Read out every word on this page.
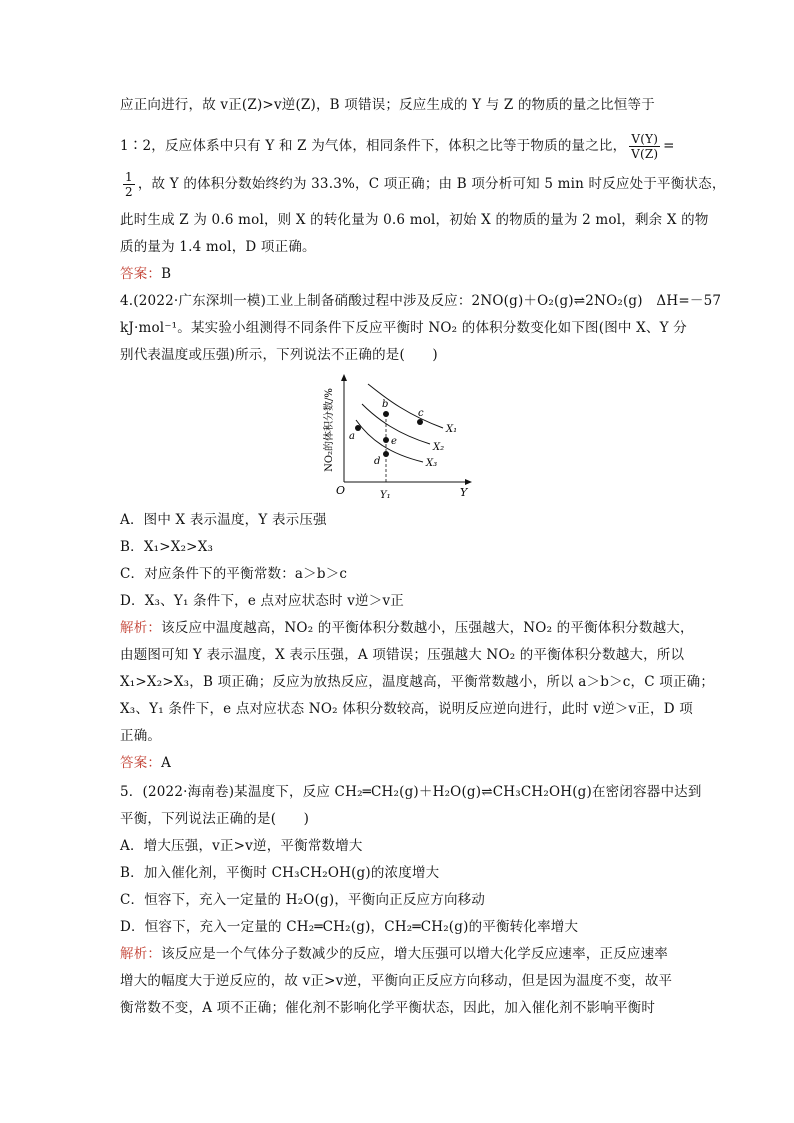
应正向进行，故 v正(Z)>v逆(Z)，B 项错误；反应生成的 Y 与 Z 的物质的量之比恒等于
1∶2，反应体系中只有 Y 和 Z 为气体，相同条件下，体积之比等于物质的量之比， $\frac{V(Y)}{V(Z)}$ =
$\frac{1}{2}$ ，故 Y 的体积分数始终约为 33.3%，C 项正确；由 B 项分析可知 5 min 时反应处于平衡状态，
此时生成 Z 为 0.6 mol，则 X 的转化量为 0.6 mol，初始 X 的物质的量为 2 mol，剩余 X 的物
质的量为 1.4 mol，D 项正确。
答案：B
4.(2022·广东深圳一模)工业上制备硝酸过程中涉及反应：2NO(g)＋O₂(g)⇌2NO₂(g)　ΔH=－57
kJ·mol⁻¹。某实验小组测得不同条件下反应平衡时 NO₂ 的体积分数变化如下图(图中 X、Y 分
别代表温度或压强)所示，下列说法不正确的是(　　)
NO₂的体积分数/%
O	Y
Y₁
X₁
X₂
X₃
a
b
c
e
d
A．图中 X 表示温度，Y 表示压强
B．X₁>X₂>X₃
C．对应条件下的平衡常数：a＞b＞c
D．X₃、Y₁ 条件下，e 点对应状态时 v逆＞v正
解析：该反应中温度越高，NO₂ 的平衡体积分数越小，压强越大，NO₂ 的平衡体积分数越大，
由题图可知 Y 表示温度，X 表示压强，A 项错误；压强越大 NO₂ 的平衡体积分数越大，所以
X₁>X₂>X₃，B 项正确；反应为放热反应，温度越高，平衡常数越小，所以 a＞b＞c，C 项正确；
X₃、Y₁ 条件下，e 点对应状态 NO₂ 体积分数较高，说明反应逆向进行，此时 v逆＞v正，D 项
正确。
答案：A
5．(2022·海南卷)某温度下，反应 CH₂═CH₂(g)＋H₂O(g)⇌CH₃CH₂OH(g)在密闭容器中达到
平衡，下列说法正确的是(　　)
A．增大压强，v正>v逆，平衡常数增大
B．加入催化剂，平衡时 CH₃CH₂OH(g)的浓度增大
C．恒容下，充入一定量的 H₂O(g)，平衡向正反应方向移动
D．恒容下，充入一定量的 CH₂═CH₂(g)，CH₂═CH₂(g)的平衡转化率增大
解析：该反应是一个气体分子数减少的反应，增大压强可以增大化学反应速率，正反应速率
增大的幅度大于逆反应的，故 v正>v逆，平衡向正反应方向移动，但是因为温度不变，故平
衡常数不变，A 项不正确；催化剂不影响化学平衡状态，因此，加入催化剂不影响平衡时
